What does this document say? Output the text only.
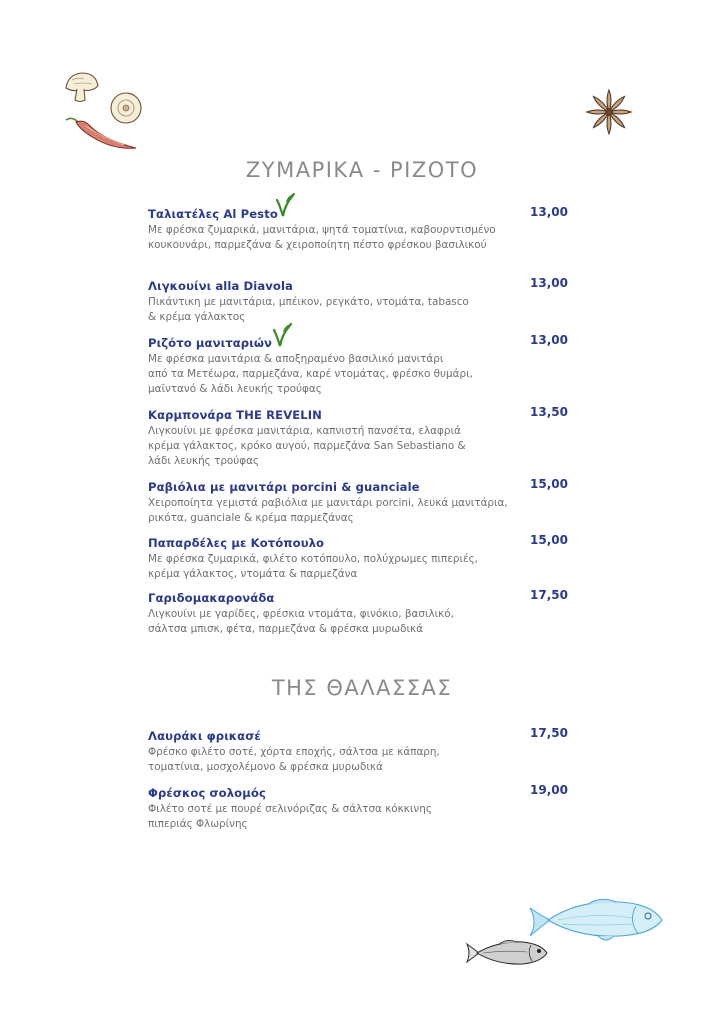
ΖΥΜΑΡΙΚΑ - ΡΙΖΟΤΟ
Ταλιατέλες Al Pesto
Με φρέσκα ζυμαρικά, μανιτάρια, ψητά τοματίνια, καβουρντισμένο
κουκουνάρι, παρμεζάνα & χειροποίητη πέστο φρέσκου βασιλικού
13,00
Λιγκουίνι alla Diavola
Πικάντικη με μανιτάρια, μπέικον, ρεγκάτο, ντομάτα, tabasco
& κρέμα γάλακτος
13,00
Ριζότο μανιταριών
Με φρέσκα μανιτάρια & αποξηραμένο βασιλικό μανιτάρι
από τα Μετέωρα, παρμεζάνα, καρέ ντομάτας, φρέσκο θυμάρι,
μαϊντανό & λάδι λευκής τρούφας
13,00
Καρμπονάρα THE REVELIN
Λιγκουίνι με φρέσκα μανιτάρια, καπνιστή πανσέτα, ελαφριά
κρέμα γάλακτος, κρόκο αυγού, παρμεζάνα San Sebastiano &
λάδι λευκής τρούφας
13,50
Ραβιόλια με μανιτάρι porcini & guanciale
Χειροποίητα γεμιστά ραβιόλια με μανιτάρι porcini, λευκά μανιτάρια,
ρικότα, guanciale & κρέμα παρμεζάνας
15,00
Παπαρδέλες με Κοτόπουλο
Με φρέσκα ζυμαρικά, φιλέτο κοτόπουλο, πολύχρωμες πιπεριές,
κρέμα γάλακτος, ντομάτα & παρμεζάνα
15,00
Γαριδομακαρονάδα
Λιγκουίνι με γαρίδες, φρέσκια ντομάτα, φινόκιο, βασιλικό,
σάλτσα μπισκ, φέτα, παρμεζάνα & φρέσκα μυρωδικά
17,50
ΤΗΣ ΘΑΛΑΣΣΑΣ
Λαυράκι φρικασέ
Φρέσκο φιλέτο σοτέ, χόρτα εποχής, σάλτσα με κάπαρη,
τοματίνια, μοσχολέμονο & φρέσκα μυρωδικά
17,50
Φρέσκος σολομός
Φιλέτο σοτέ με πουρέ σελινόριζας & σάλτσα κόκκινης
πιπεριάς Φλωρίνης
19,00
